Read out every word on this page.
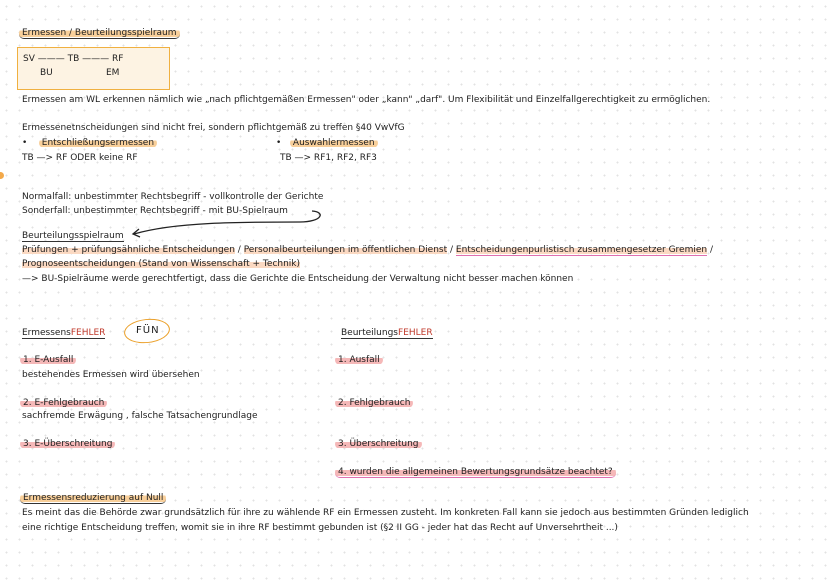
Ermessen / Beurteilungsspielraum
SV ——— TB ——— RF
BU	EM
Ermessen am WL erkennen nämlich wie „nach pflichtgemäßen Ermessen" oder „kann" „darf". Um Flexibilität und Einzelfallgerechtigkeit zu ermöglichen.
Ermessenetnscheidungen sind nicht frei, sondern pflichtgemäß zu treffen §40 VwVfG
•    Entschließungsermessen
TB —> RF ODER keine RF
•   Auswahlermessen
TB —> RF1, RF2, RF3
Normalfall: unbestimmter Rechtsbegriff - vollkontrolle der Gerichte
Sonderfall: unbestimmter Rechtsbegriff - mit BU-Spielraum
Beurteilungsspielraum
Prüfungen + prüfungsähnliche Entscheidungen / Personalbeurteilungen im öffentlichen Dienst / Entscheidungenpurlistisch zusammengesetzer Gremien /
Prognoseentscheidungen (Stand von Wissenschaft + Technik)
—> BU-Spielräume werde gerechtfertigt, dass die Gerichte die Entscheidung der Verwaltung nicht besser machen können
ErmessensFEHLER	FÜN
1. E-Ausfall
bestehendes Ermessen wird übersehen
2. E-Fehlgebrauch
sachfremde Erwägung , falsche Tatsachengrundlage
3. E-Überschreitung
BeurteilungsFEHLER
1. Ausfall
2. Fehlgebrauch
3. Überschreitung
4. wurden die allgemeinen Bewertungsgrundsätze beachtet?
Ermessensreduzierung auf Null
Es meint das die Behörde zwar grundsätzlich für ihre zu wählende RF ein Ermessen zusteht. Im konkreten Fall kann sie jedoch aus bestimmten Gründen lediglich
eine richtige Entscheidung treffen, womit sie in ihre RF bestimmt gebunden ist (§2 II GG - jeder hat das Recht auf Unversehrtheit ...)
